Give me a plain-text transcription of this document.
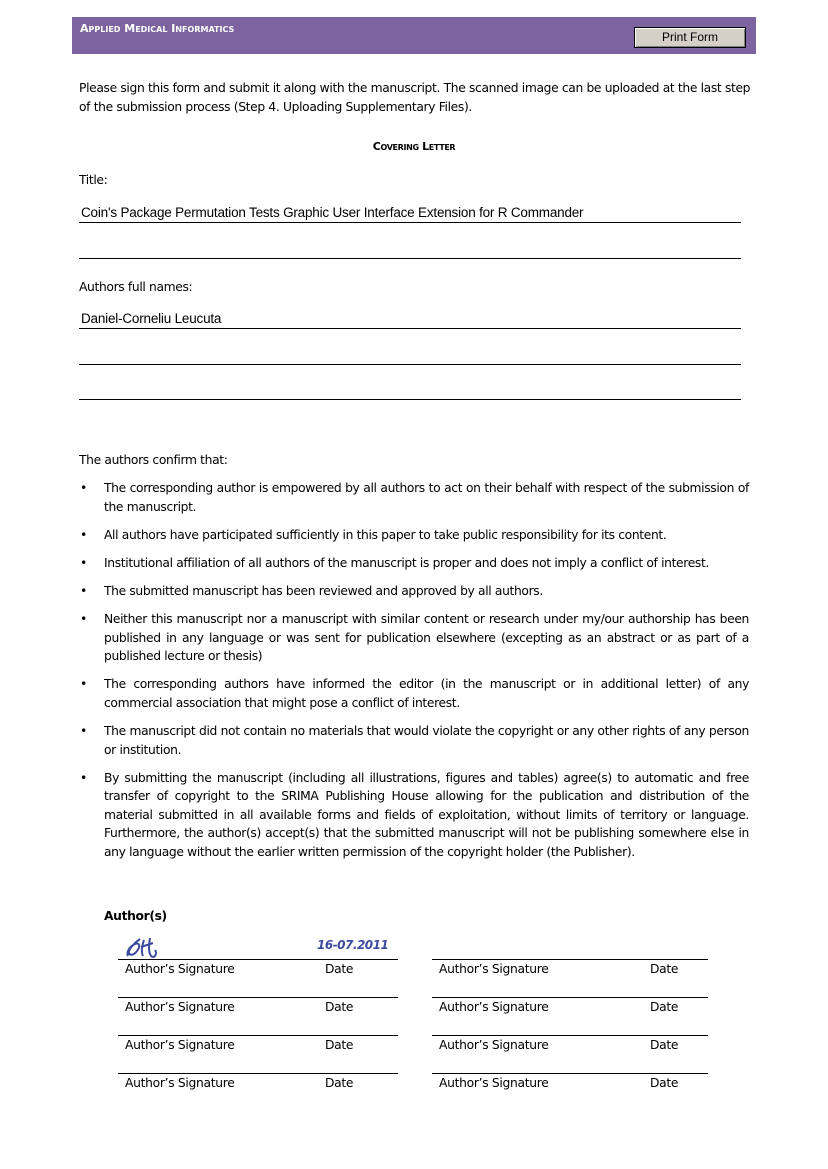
Applied Medical Informatics
Print Form
Please sign this form and submit it along with the manuscript. The scanned image can be uploaded at the last step of the submission process (Step 4. Uploading Supplementary Files).
Covering Letter
Title:
Coin's Package Permutation Tests Graphic User Interface Extension for R Commander
Authors full names:
Daniel-Corneliu Leucuta
The authors confirm that:
• The corresponding author is empowered by all authors to act on their behalf with respect of the submission of the manuscript.
• All authors have participated sufficiently in this paper to take public responsibility for its content.
• Institutional affiliation of all authors of the manuscript is proper and does not imply a conflict of interest.
• The submitted manuscript has been reviewed and approved by all authors.
• Neither this manuscript nor a manuscript with similar content or research under my/our authorship has been published in any language or was sent for publication elsewhere (excepting as an abstract or as part of a published lecture or thesis)
• The corresponding authors have informed the editor (in the manuscript or in additional letter) of any commercial association that might pose a conflict of interest.
• The manuscript did not contain no materials that would violate the copyright or any other rights of any person or institution.
• By submitting the manuscript (including all illustrations, figures and tables) agree(s) to automatic and free transfer of copyright to the SRIMA Publishing House allowing for the publication and distribution of the material submitted in all available forms and fields of exploitation, without limits of territory or language. Furthermore, the author(s) accept(s) that the submitted manuscript will not be publishing somewhere else in any language without the earlier written permission of the copyright holder (the Publisher).
Author(s)
16-07.2011
Author’s Signature	Date
Author’s Signature	Date
Author’s Signature	Date
Author’s Signature	Date
Author’s Signature	Date
Author’s Signature	Date
Author’s Signature	Date
Author’s Signature	Date
